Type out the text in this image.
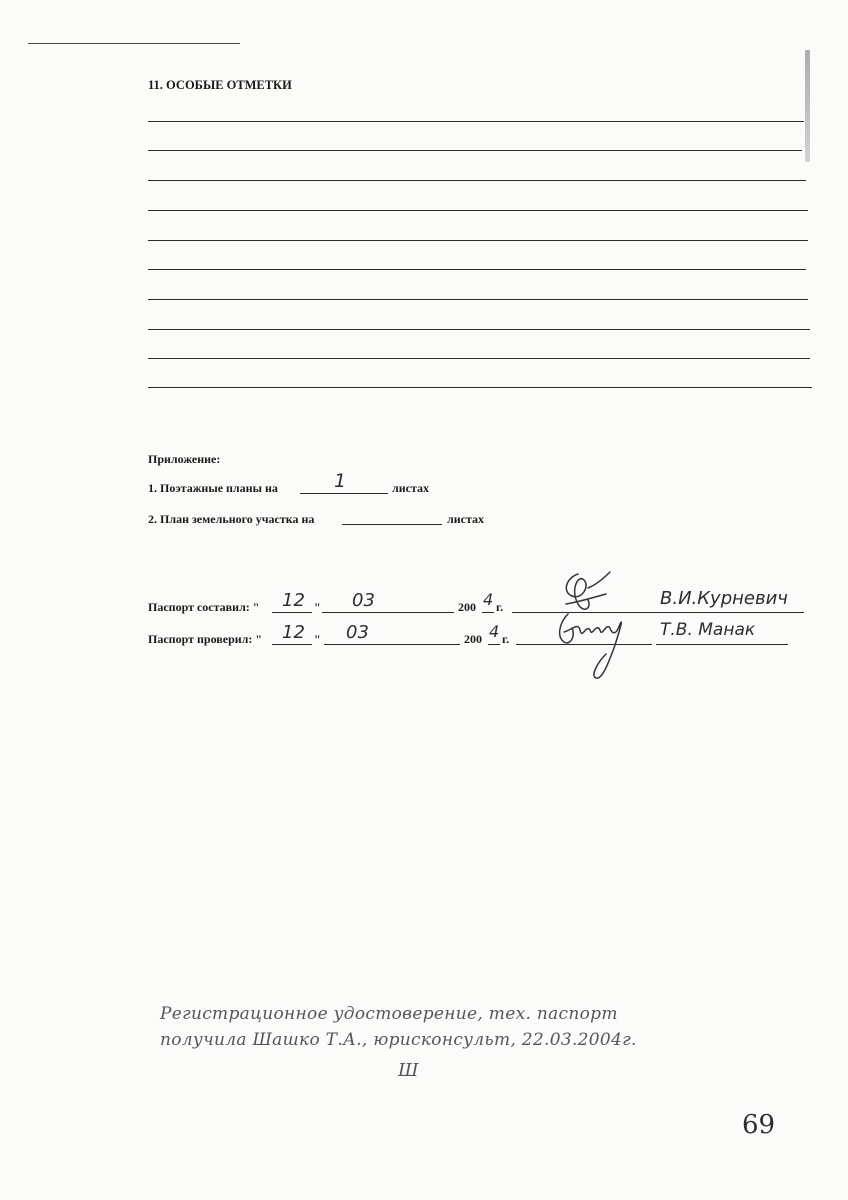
11. ОСОБЫЕ ОТМЕТКИ
Приложение:
1. Поэтажные планы на	1	листах
2. План земельного участка на	листах
Паспорт составил: " 12 " 03	200 4 г.	В.И.Курневич
Паспорт проверил: " 12 " 03	200 4 г.	Т.В. Манак
Регистрационное удостоверение, тех. паспорт
получила Шашко Т.А., юрисконсульт, 22.03.2004г.
Ш
69
